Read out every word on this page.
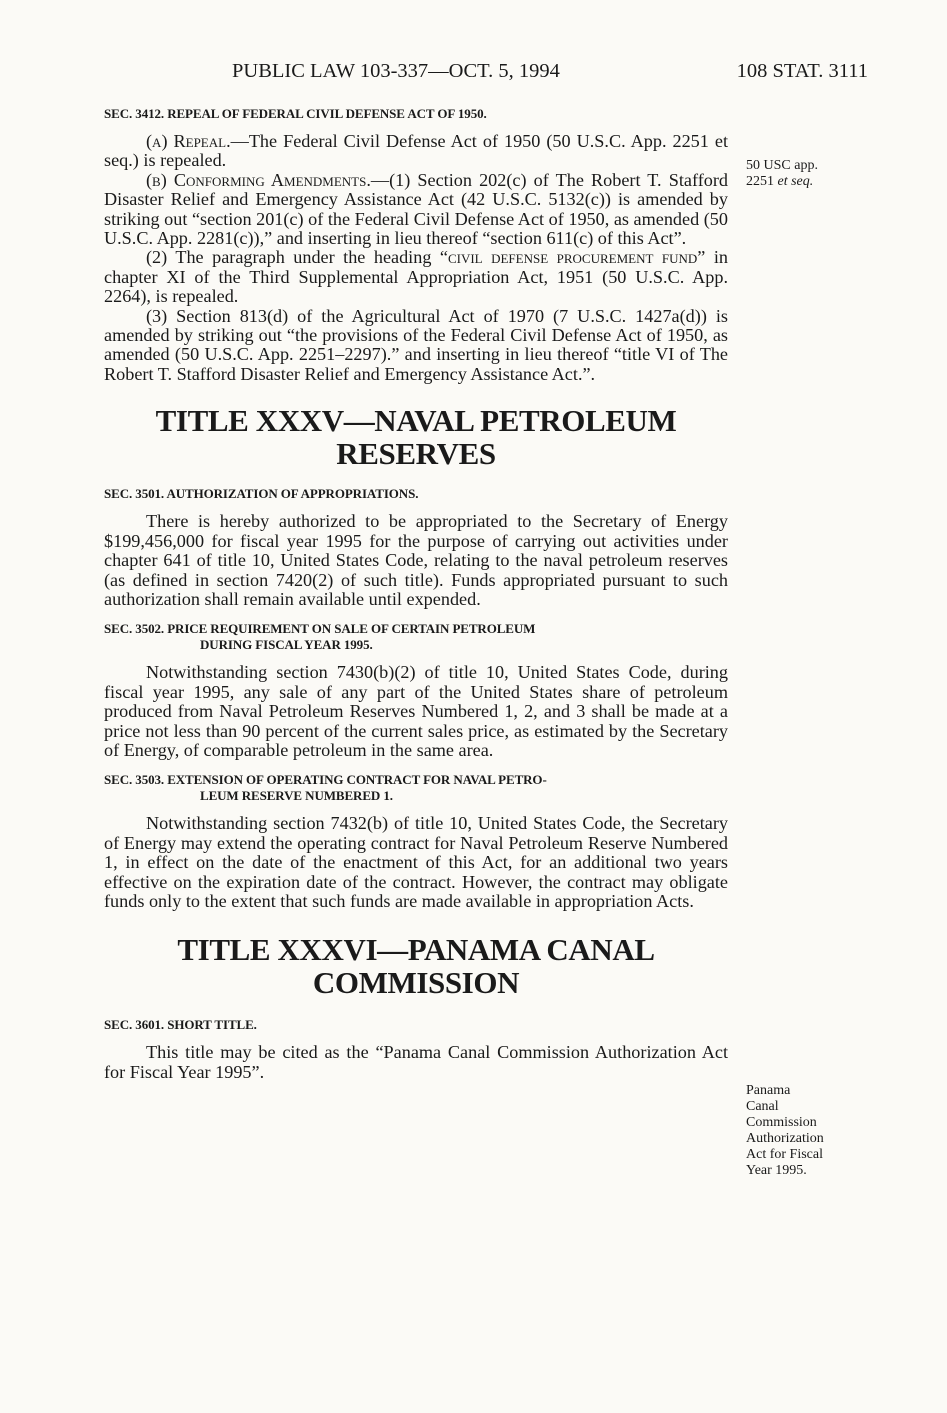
PUBLIC LAW 103-337—OCT. 5, 1994	108 STAT. 3111
50 USC app.
2251 et seq.
Panama
Canal
Commission
Authorization
Act for Fiscal
Year 1995.
SEC. 3412. REPEAL OF FEDERAL CIVIL DEFENSE ACT OF 1950.

(a) Repeal.—The Federal Civil Defense Act of 1950 (50 U.S.C. App. 2251 et seq.) is repealed.

(b) Conforming Amendments.—(1) Section 202(c) of The Robert T. Stafford Disaster Relief and Emergency Assistance Act (42 U.S.C. 5132(c)) is amended by striking out “section 201(c) of the Federal Civil Defense Act of 1950, as amended (50 U.S.C. App. 2281(c)),” and inserting in lieu thereof “section 611(c) of this Act”.

(2) The paragraph under the heading “civil defense procurement fund” in chapter XI of the Third Supplemental Appropriation Act, 1951 (50 U.S.C. App. 2264), is repealed.

(3) Section 813(d) of the Agricultural Act of 1970 (7 U.S.C. 1427a(d)) is amended by striking out “the provisions of the Federal Civil Defense Act of 1950, as amended (50 U.S.C. App. 2251–2297).” and inserting in lieu thereof “title VI of The Robert T. Stafford Disaster Relief and Emergency Assistance Act.”.

TITLE XXXV—NAVAL PETROLEUM
RESERVES
SEC. 3501. AUTHORIZATION OF APPROPRIATIONS.

There is hereby authorized to be appropriated to the Secretary of Energy $199,456,000 for fiscal year 1995 for the purpose of carrying out activities under chapter 641 of title 10, United States Code, relating to the naval petroleum reserves (as defined in section 7420(2) of such title). Funds appropriated pursuant to such authorization shall remain available until expended.

SEC. 3502. PRICE REQUIREMENT ON SALE OF CERTAIN PETROLEUM
DURING FISCAL YEAR 1995.

Notwithstanding section 7430(b)(2) of title 10, United States Code, during fiscal year 1995, any sale of any part of the United States share of petroleum produced from Naval Petroleum Reserves Numbered 1, 2, and 3 shall be made at a price not less than 90 percent of the current sales price, as estimated by the Secretary of Energy, of comparable petroleum in the same area.

SEC. 3503. EXTENSION OF OPERATING CONTRACT FOR NAVAL PETRO-
LEUM RESERVE NUMBERED 1.

Notwithstanding section 7432(b) of title 10, United States Code, the Secretary of Energy may extend the operating contract for Naval Petroleum Reserve Numbered 1, in effect on the date of the enactment of this Act, for an additional two years effective on the expiration date of the contract. However, the contract may obligate funds only to the extent that such funds are made available in appropriation Acts.

TITLE XXXVI—PANAMA CANAL
COMMISSION
SEC. 3601. SHORT TITLE.

This title may be cited as the “Panama Canal Commission Authorization Act for Fiscal Year 1995”.
